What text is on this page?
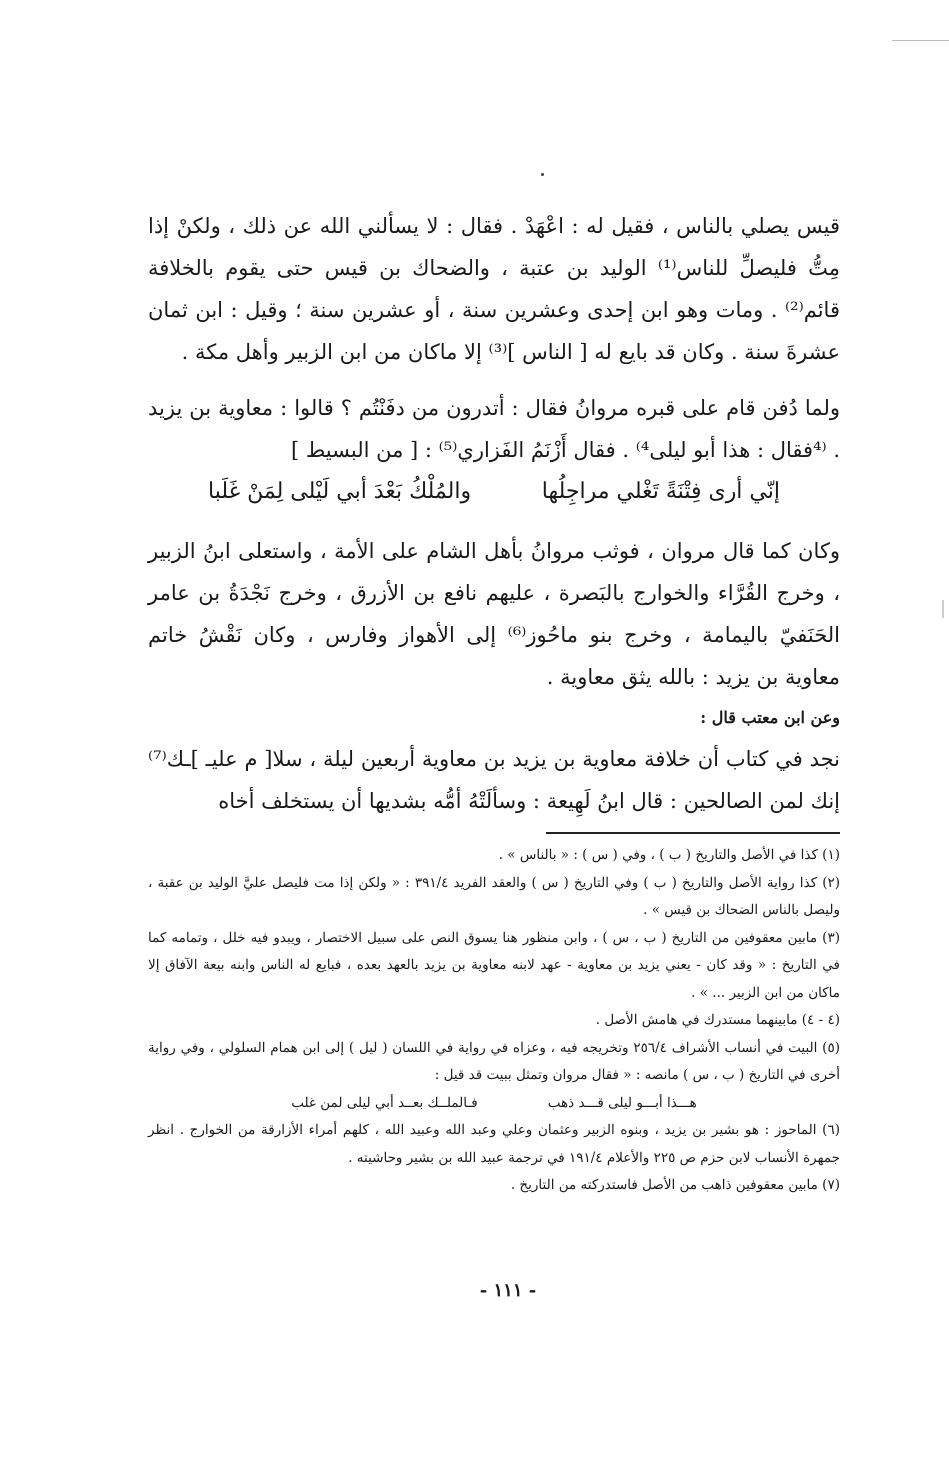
قيس يصلي بالناس ، فقيل له : اعْهَدْ . فقال : لا يسألني الله عن ذلك ، ولكنْ إذا مِتُّ فليصلِّ للناس⁽¹⁾ الوليد بن عتبة ، والضحاك بن قيس حتى يقوم بالخلافة قائم⁽²⁾ . ومات وهو ابن إحدى وعشرين سنة ، أو عشرين سنة ؛ وقيل : ابن ثمان عشرةَ سنة . وكان قد بايع له [ الناس ]⁽³⁾ إلا ماكان من ابن الزبير وأهل مكة .

ولما دُفن قام على قبره مروانُ فقال : أتدرون من دفَنْتُم ؟ قالوا : معاوية بن يزيد . ⁽⁴فقال : هذا أبو ليلى⁴⁾ . فقال أَزْنَمُ الفَزاري⁽⁵⁾ : [ من البسيط ]

إنّي أرى فِتْنَةً تَغْلي مراجِلُها
والمُلْكُ بَعْدَ أبي لَيْلى لِمَنْ غَلَبا

وكان كما قال مروان ، فوثب مروانُ بأهل الشام على الأمة ، واستعلى ابنُ الزبير ، وخرج القُرَّاء والخوارج بالبَصرة ، عليهم نافع بن الأزرق ، وخرج نَجْدَةُ بن عامر الحَنَفيّ باليمامة ، وخرج بنو ماحُوز⁽⁶⁾ إلى الأهواز وفارس ، وكان نَقْشُ خاتم معاوية بن يزيد : بالله يثق معاوية .

وعن ابن معتب قال :

نجد في كتاب أن خلافة معاوية بن يزيد بن معاوية أربعين ليلة ، سلا[ م عليـ ]ـك⁽⁷⁾ إنك لمن الصالحين : قال ابنُ لَهِيعة : وسألَتْهُ أمُّه بشديها أن يستخلف أخاه

(١) كذا في الأصل والتاريخ ( ب ) ، وفي ( س ) : « بالناس » .

(٢) كذا رواية الأصل والتاريخ ( ب ) وفي التاريخ ( س ) والعقد الفريد ٣٩١/٤ : « ولكن إذا مت فليصل عليَّ الوليد بن عقبة ، وليصل بالناس الضحاك بن قيس » .

(٣) مابين معقوفين من التاريخ ( ب ، س ) ، وابن منظور هنا يسوق النص على سبيل الاختصار ، ويبدو فيه خلل ، وتمامه كما في التاريخ : « وقد كان - يعني يزيد بن معاوية - عهد لابنه معاوية بن يزيد بالعهد بعده ، فبايع له الناس وابنه بيعة الآفاق إلا ماكان من ابن الزبير ... » .

(٤ - ٤) مابينهما مستدرك في هامش الأصل .

(٥) البيت في أنساب الأشراف ٢٥٦/٤ وتخريجه فيه ، وعزاه في رواية في اللسان ( ليل ) إلى ابن همام السلولي ، وفي رواية أخرى في التاريخ ( ب ، س ) مانصه : « فقال مروان وتمثل ببيت قد قيل :

هـــذا أبـــو ليلى قـــد ذهب
فـالملــك بعــد أبي ليلى لمن غلب

(٦) الماحوز : هو بشير بن يزيد ، وبنوه الزبير وعثمان وعلي وعبد الله وعبيد الله ، كلهم أمراء الأزارقة من الخوارج . انظر جمهرة الأنساب لابن حزم ص ٢٢٥ والأعلام ١٩١/٤ في ترجمة عبيد الله بن بشير وحاشيته .

(٧) مابين معقوفين ذاهب من الأصل فاستدركته من التاريخ .

- ١١١ -
